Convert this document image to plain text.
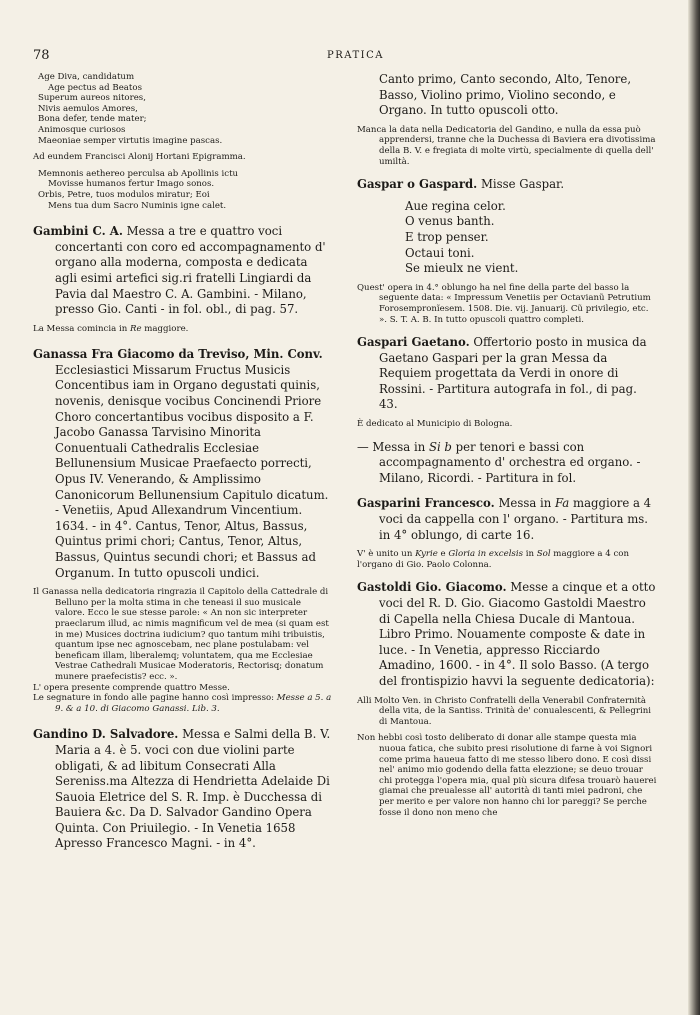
78	PRATICA
Age Diva, candidatum
Age pectus ad Beatos
Superum aureos nitores,
Nivis aemulos Amores,
Bona defer, tende mater;
Animosque curiosos
Maeoniae semper virtutis imagine pascas.

Ad eundem Francisci Alonij Hortani Epigramma.

Memnonis aethereo perculsa ab Apollinis ictu
Movisse humanos fertur Imago sonos.
Orbis, Petre, tuos modulos miratur; Eoi
Mens tua dum Sacro Numinis igne calet.

Gambini C. A. Messa a tre e quattro voci concertanti con coro ed accompagnamento d' organo alla moderna, composta e dedicata agli esimi artefici sig.ri fratelli Lingiardi da Pavia dal Maestro C. A. Gambini. - Milano, presso Gio. Canti - in fol. obl., di pag. 57.

La Messa comincia in Re maggiore.

Ganassa Fra Giacomo da Treviso, Min. Conv. Ecclesiastici Missarum Fructus Musicis Concentibus iam in Organo degustati quinis, novenis, denisque vocibus Concinendi Priore Choro concertantibus vocibus disposito a F. Jacobo Ganassa Tarvisino Minorita Conuentuali Cathedralis Ecclesiae Bellunensium Musicae Praefaecto porrecti, Opus IV. Venerando, & Amplissimo Canonicorum Bellunensium Capitulo dicatum. - Venetiis, Apud Allexandrum Vincentium. 1634. - in 4°. Cantus, Tenor, Altus, Bassus, Quintus primi chori; Cantus, Tenor, Altus, Bassus, Quintus secundi chori; et Bassus ad Organum. In tutto opuscoli undici.

Il Ganassa nella dedicatoria ringrazia il Capitolo della Cattedrale di Belluno per la molta stima in che teneasi il suo musicale valore. Ecco le sue stesse parole: « An non sic interpreter praeclarum illud, ac nimis magnificum vel de mea (si quam est in me) Musices doctrina iudicium? quo tantum mihi tribuistis, quantum ipse nec agnoscebam, nec plane postulabam: vel beneficam illam, liberalemq; voluntatem, qua me Ecclesiae Vestrae Cathedrali Musicae Moderatoris, Rectorisq; donatum munere praefecistis? ecc. ».

L' opera presente comprende quattro Messe.

Le segnature in fondo alle pagine hanno così impresso: Messe a 5. a 9. & a 10. di Giacomo Ganassi. Lib. 3.

Gandino D. Salvadore. Messa e Salmi della B. V. Maria a 4. è 5. voci con due violini parte obligati, & ad libitum Consecrati Alla Sereniss.ma Altezza di Hendrietta Adelaide Di Sauoia Eletrice del S. R. Imp. è Ducchessa di Bauiera &c. Da D. Salvador Gandino Opera Quinta. Con Priuilegio. - In Venetia 1658 Apresso Francesco Magni. - in 4°.

Canto primo, Canto secondo, Alto, Tenore, Basso, Violino primo, Violino secondo, e Organo. In tutto opuscoli otto.

Manca la data nella Dedicatoria del Gandino, e nulla da essa può apprendersi, tranne che la Duchessa di Baviera era divotissima della B. V. e fregiata di molte virtù, specialmente di quella dell' umiltà.

Gaspar o Gaspard. Misse Gaspar.

Aue regina celor.
O venus banth.
E trop penser.
Octaui toni.
Se mieulx ne vient.

Quest' opera in 4.° oblungo ha nel fine della parte del basso la seguente data: « Impressum Venetiis per Octavianũ Petrutium Forosempronĩesem. 1508. Die. vij. Januarij. Cũ privilegio, etc. ». S. T. A. B. In tutto opuscoli quattro completi.

Gaspari Gaetano. Offertorio posto in musica da Gaetano Gaspari per la gran Messa da Requiem progettata da Verdi in onore di Rossini. - Partitura autografa in fol., di pag. 43.

È dedicato al Municipio di Bologna.

— Messa in Si b per tenori e bassi con accompagnamento d' orchestra ed organo. - Milano, Ricordi. - Partitura in fol.

Gasparini Francesco. Messa in Fa maggiore a 4 voci da cappella con l' organo. - Partitura ms. in 4° oblungo, di carte 16.

V' è unito un Kyrie e Gloria in excelsis in Sol maggiore a 4 con l'organo di Gio. Paolo Colonna.

Gastoldi Gio. Giacomo. Messe a cinque et a otto voci del R. D. Gio. Giacomo Gastoldi Maestro di Capella nella Chiesa Ducale di Mantoua. Libro Primo. Nouamente composte & date in luce. - In Venetia, appresso Ricciardo Amadino, 1600. - in 4°. Il solo Basso. (A tergo del frontispizio havvi la seguente dedicatoria):

Alli Molto Ven. in Christo Confratelli della Venerabil Confraternità della vita, de la Santiss. Trinità de' conualescenti, & Pellegrini di Mantoua.

Non hebbi così tosto deliberato di donar alle stampe questa mia nuoua fatica, che subito presi risolutione di farne à voi Signori come prima haueua fatto di me stesso libero dono. E così dissi nel' animo mio godendo della fatta elezzione; se deuo trouar chi protegga l'opera mia, qual più sicura difesa trouarò hauerei giamai che preualesse all' autorità di tanti miei padroni, che per merito e per valore non hanno chi lor pareggi? Se perche fosse il dono non meno che
